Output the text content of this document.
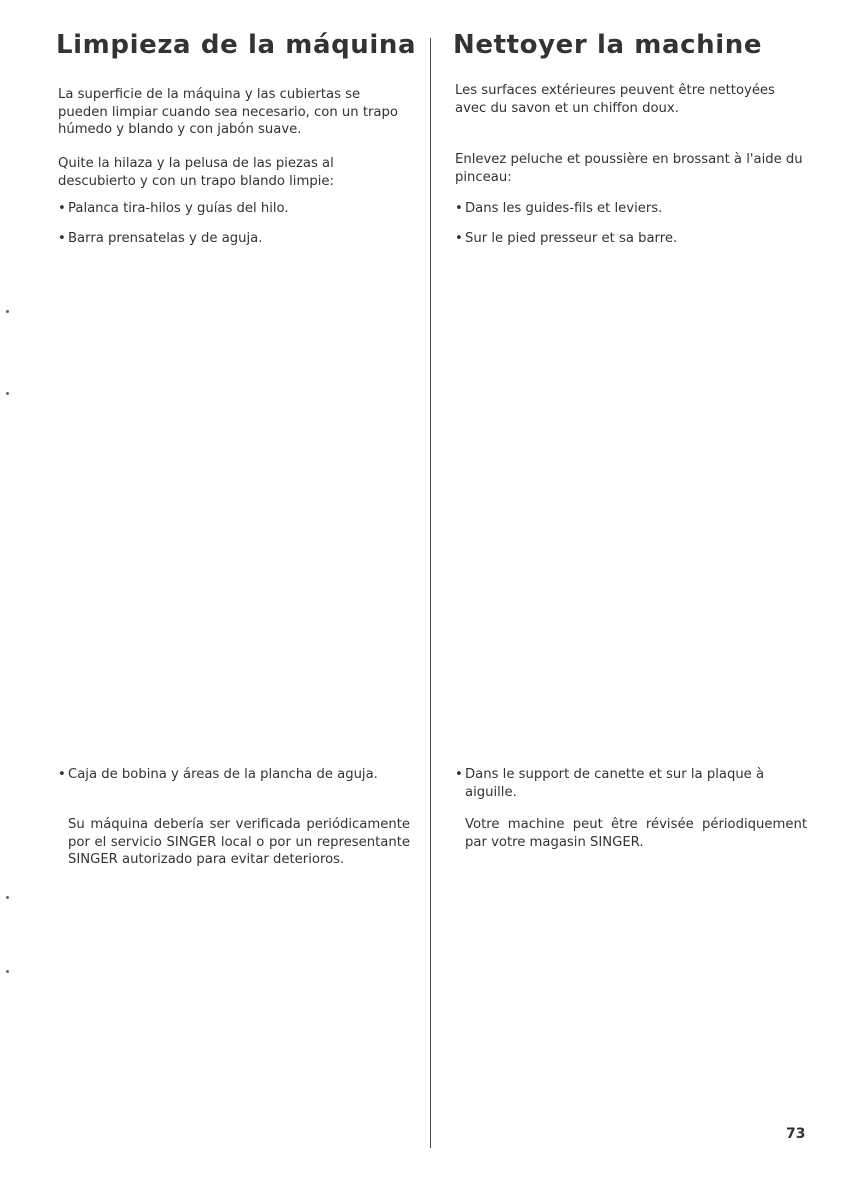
Limpieza de la máquina

La superficie de la máquina y las cubiertas se pueden limpiar cuando sea necesario, con un trapo húmedo y blando y con jabón suave.

Quite la hilaza y la pelusa de las piezas al descubierto y con un trapo blando limpie:

• Palanca tira-hilos y guías del hilo.
• Barra prensatelas y de aguja.
• Caja de bobina y áreas de la plancha de aguja.

Su máquina debería ser verificada periódicamente por el servicio SINGER local o por un representante SINGER autorizado para evitar deterioros.

Nettoyer la machine

Les surfaces extérieures peuvent être nettoyées avec du savon et un chiffon doux.

Enlevez peluche et poussière en brossant à l'aide du pinceau:

• Dans les guides-fils et leviers.
• Sur le pied presseur et sa barre.
• Dans le support de canette et sur la plaque à aiguille.

Votre machine peut être révisée périodiquement par votre magasin SINGER.

73
